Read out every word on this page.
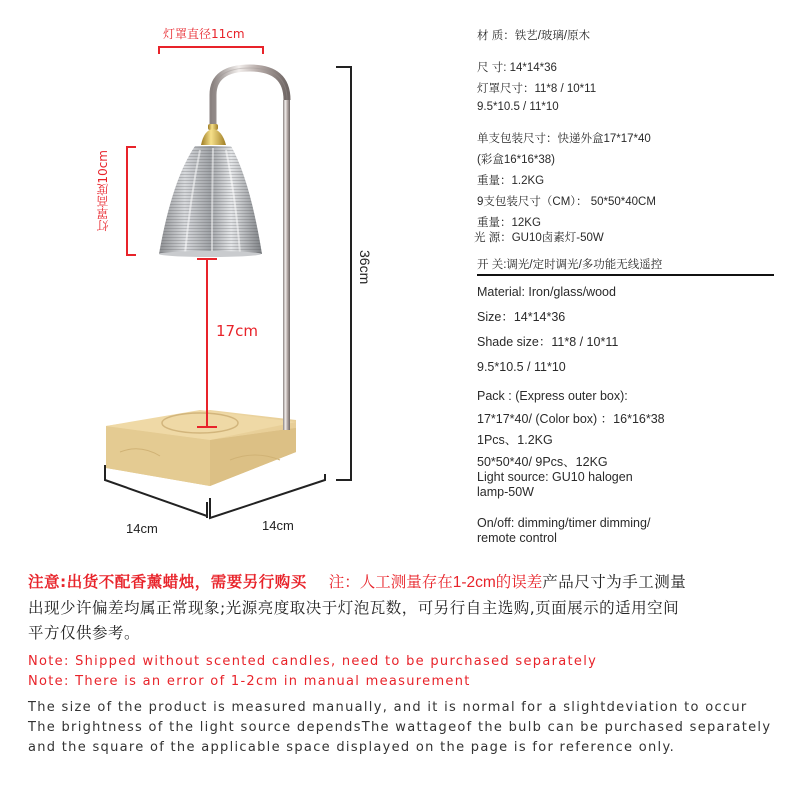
灯罩直径11cm
灯罩高度10cm
17cm
36cm
14cm	14cm
材 质：铁艺/玻璃/原木
尺 寸: 14*14*36
灯罩尺寸：11*8 / 10*11
9.5*10.5 / 11*10
单支包装尺寸：快递外盒17*17*40
(彩盒16*16*38)
重量：1.2KG
9支包装尺寸（CM）： 50*50*40CM
重量：12KG
光 源：GU10卤素灯-50W
开 关:调光/定时调光/多功能无线遥控
Material: Iron/glass/wood
Size：14*14*36
Shade size：11*8 / 10*11
9.5*10.5 / 11*10
Pack : (Express outer box):
17*17*40/ (Color box) ：16*16*38
1Pcs、1.2KG
50*50*40/ 9Pcs、12KG
Light source: GU10 halogen
lamp-50W
On/off: dimming/timer dimming/
remote control
注意:出货不配香薰蜡烛，需要另行购买 注：人工测量存在1-2cm的误差产品尺寸为手工测量
出现少许偏差均属正常现象;光源亮度取决于灯泡瓦数，可另行自主选购,页面展示的适用空间
平方仅供参考。
Note: Shipped without scented candles, need to be purchased separately
Note: There is an error of 1-2cm in manual measurement
The size of the product is measured manually, and it is normal for a slightdeviation to occur
The brightness of the light source dependsThe wattageof the bulb can be purchased separately
and the square of the applicable space displayed on the page is for reference only.
